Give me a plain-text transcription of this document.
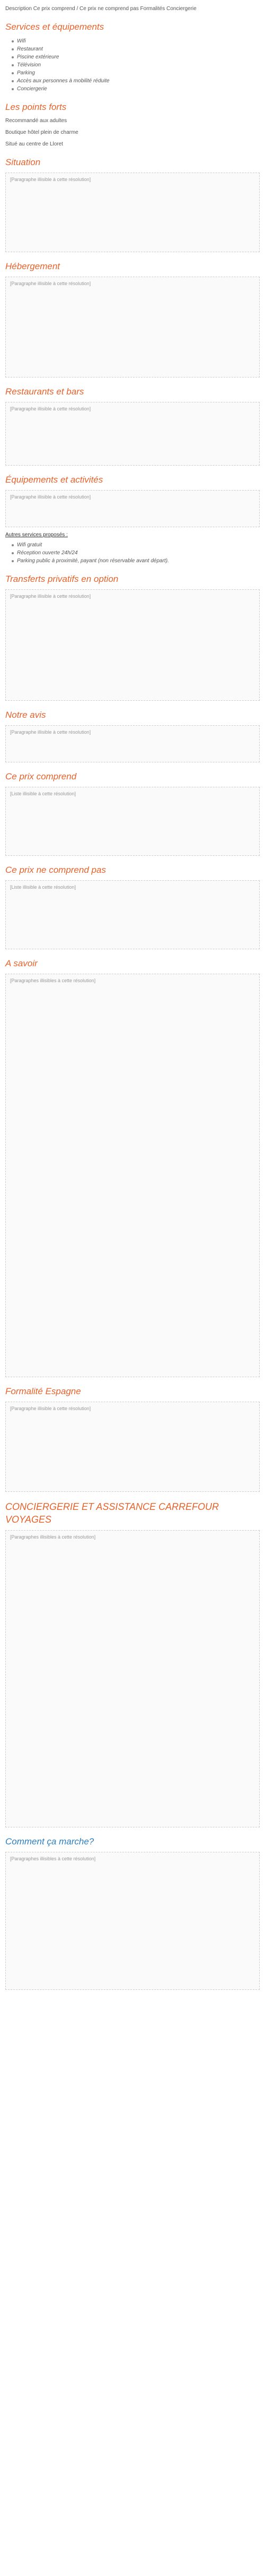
Description Ce prix comprend / Ce prix ne comprend pas Formalités Conciergerie

Services et équipements
Wifi
Restaurant
Piscine extérieure
Télévision
Parking
Accès aux personnes à mobilité réduite
Conciergerie
Les points forts

Recommandé aux adultes

Boutique hôtel plein de charme

Situé au centre de Lloret

Situation
[Paragraphe illisible à cette résolution]
Hébergement
[Paragraphe illisible à cette résolution]
Restaurants et bars
[Paragraphe illisible à cette résolution]
Équipements et activités
[Paragraphe illisible à cette résolution]

Autres services proposés :

Wifi gratuit
Réception ouverte 24h/24
Parking public à proximité, payant (non réservable avant départ).
Transferts privatifs en option
[Paragraphe illisible à cette résolution]
Notre avis
[Paragraphe illisible à cette résolution]
Ce prix comprend
[Liste illisible à cette résolution]
Ce prix ne comprend pas
[Liste illisible à cette résolution]
A savoir
[Paragraphes illisibles à cette résolution]
Formalité Espagne
[Paragraphe illisible à cette résolution]
CONCIERGERIE ET ASSISTANCE CARREFOUR VOYAGES
[Paragraphes illisibles à cette résolution]
Comment ça marche?
[Paragraphes illisibles à cette résolution]
